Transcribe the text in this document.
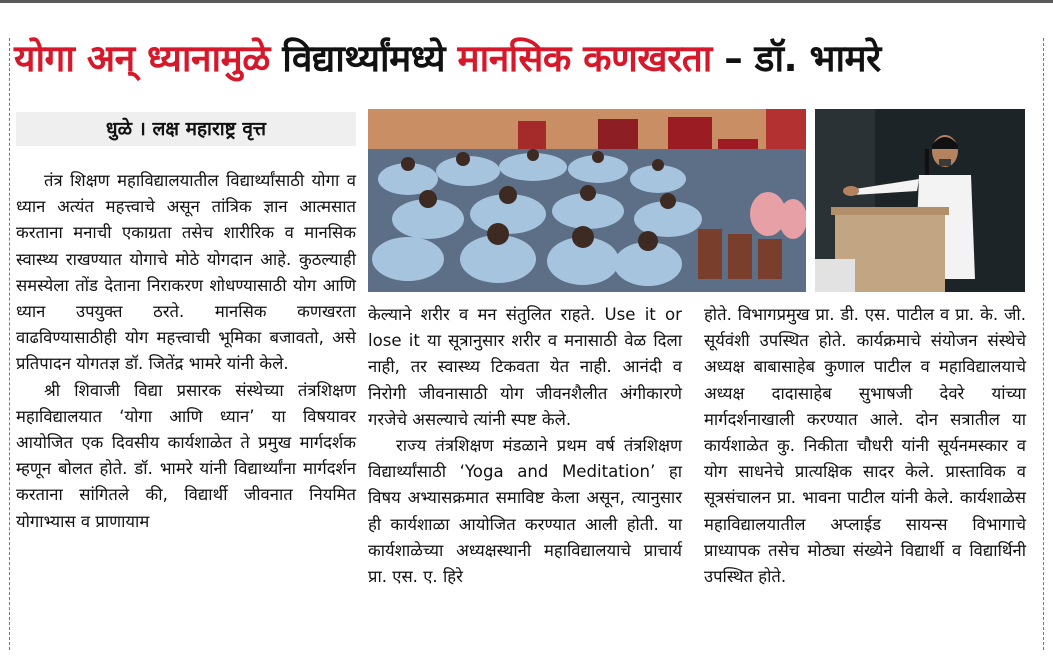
योगा अन् ध्यानामुळे विद्यार्थ्यांमध्ये मानसिक कणखरता – डॉ. भामरे
धुळे । लक्ष महाराष्ट्र वृत्त

तंत्र शिक्षण महाविद्यालयातील विद्यार्थ्यांसाठी योगा व ध्यान अत्यंत महत्त्वाचे असून तांत्रिक ज्ञान आत्मसात करताना मनाची एकाग्रता तसेच शारीरिक व मानसिक स्वास्थ्य राखण्यात योगाचे मोठे योगदान आहे. कुठल्याही समस्येला तोंड देताना निराकरण शोधण्यासाठी योग आणि ध्यान उपयुक्त ठरते. मानसिक कणखरता वाढविण्यासाठीही योग महत्त्वाची भूमिका बजावतो, असे प्रतिपादन योगतज्ञ डॉ. जितेंद्र भामरे यांनी केले.

श्री शिवाजी विद्या प्रसारक संस्थेच्या तंत्रशिक्षण महाविद्यालयात ‘योगा आणि ध्यान’ या विषयावर आयोजित एक दिवसीय कार्यशाळेत ते प्रमुख मार्गदर्शक म्हणून बोलत होते. डॉ. भामरे यांनी विद्यार्थ्यांना मार्गदर्शन करताना सांगितले की, विद्यार्थी जीवनात नियमित योगाभ्यास व प्राणायाम

केल्याने शरीर व मन संतुलित राहते. Use it or lose it या सूत्रानुसार शरीर व मनासाठी वेळ दिला नाही, तर स्वास्थ्य टिकवता येत नाही. आनंदी व निरोगी जीवनासाठी योग जीवनशैलीत अंगीकारणे गरजेचे असल्याचे त्यांनी स्पष्ट केले.

राज्य तंत्रशिक्षण मंडळाने प्रथम वर्ष तंत्रशिक्षण विद्यार्थ्यांसाठी ‘Yoga and Meditation’ हा विषय अभ्यासक्रमात समाविष्ट केला असून, त्यानुसार ही कार्यशाळा आयोजित करण्यात आली होती. या कार्यशाळेच्या अध्यक्षस्थानी महाविद्यालयाचे प्राचार्य प्रा. एस. ए. हिरे

होते. विभागप्रमुख प्रा. डी. एस. पाटील व प्रा. के. जी. सूर्यवंशी उपस्थित होते. कार्यक्रमाचे संयोजन संस्थेचे अध्यक्ष बाबासाहेब कुणाल पाटील व महाविद्यालयाचे अध्यक्ष दादासाहेब सुभाषजी देवरे यांच्या मार्गदर्शनाखाली करण्यात आले. दोन सत्रातील या कार्यशाळेत कु. निकीता चौधरी यांनी सूर्यनमस्कार व योग साधनेचे प्रात्यक्षिक सादर केले. प्रास्ताविक व सूत्रसंचालन प्रा. भावना पाटील यांनी केले. कार्यशाळेस महाविद्यालयातील अप्लाईड सायन्स विभागाचे प्राध्यापक तसेच मोठ्या संख्येने विद्यार्थी व विद्यार्थिनी उपस्थित होते.
